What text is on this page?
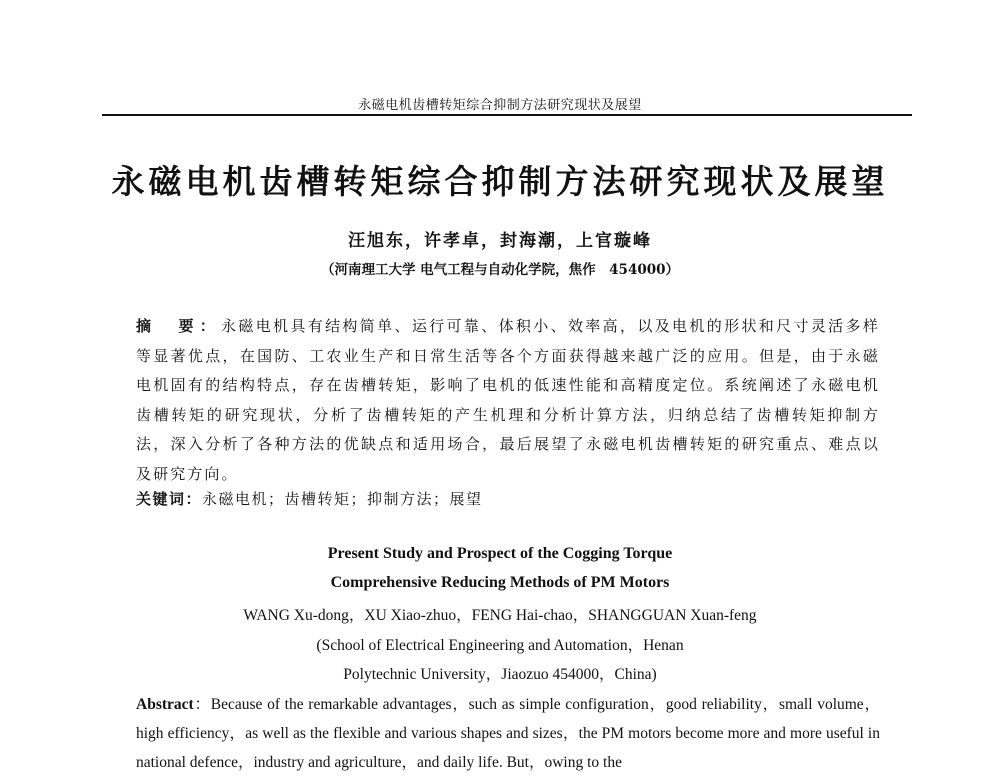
永磁电机齿槽转矩综合抑制方法研究现状及展望
永磁电机齿槽转矩综合抑制方法研究现状及展望
汪旭东，许孝卓，封海潮，上官璇峰
（河南理工大学 电气工程与自动化学院，焦作　454000）
摘　要：永磁电机具有结构简单、运行可靠、体积小、效率高，以及电机的形状和尺寸灵活多样等显著优点，在国防、工农业生产和日常生活等各个方面获得越来越广泛的应用。但是，由于永磁电机固有的结构特点，存在齿槽转矩，影响了电机的低速性能和高精度定位。系统阐述了永磁电机齿槽转矩的研究现状，分析了齿槽转矩的产生机理和分析计算方法，归纳总结了齿槽转矩抑制方法，深入分析了各种方法的优缺点和适用场合，最后展望了永磁电机齿槽转矩的研究重点、难点以及研究方向。
关键词：永磁电机；齿槽转矩；抑制方法；展望
Present Study and Prospect of the Cogging Torque
Comprehensive Reducing Methods of PM Motors
WANG Xu-dong，XU Xiao-zhuo，FENG Hai-chao，SHANGGUAN Xuan-feng
(School of Electrical Engineering and Automation，Henan
Polytechnic University，Jiaozuo 454000，China)
Abstract：Because of the remarkable advantages，such as simple configuration，good reliability，small volume，high efficiency，as well as the flexible and various shapes and sizes，the PM motors become more and more useful in national defence，industry and agriculture，and daily life. But，owing to the
